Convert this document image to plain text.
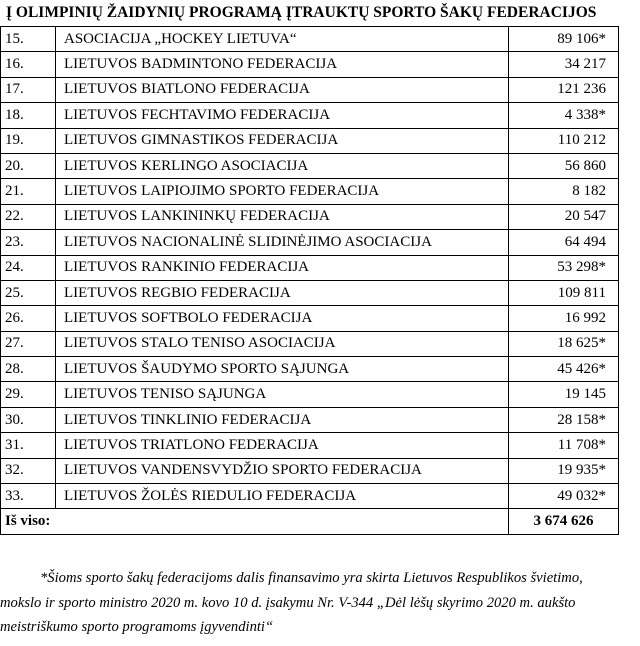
Į OLIMPINIŲ ŽAIDYNIŲ PROGRAMĄ ĮTRAUKTŲ SPORTO ŠAKŲ FEDERACIJOS
15.	ASOCIACIJA „HOCKEY LIETUVA“	89 106*
16.	LIETUVOS BADMINTONO FEDERACIJA	34 217
17.	LIETUVOS BIATLONO FEDERACIJA	121 236
18.	LIETUVOS FECHTAVIMO FEDERACIJA	4 338*
19.	LIETUVOS GIMNASTIKOS FEDERACIJA	110 212
20.	LIETUVOS KERLINGO ASOCIACIJA	56 860
21.	LIETUVOS LAIPIOJIMO SPORTO FEDERACIJA	8 182
22.	LIETUVOS LANKININKŲ FEDERACIJA	20 547
23.	LIETUVOS NACIONALINĖ SLIDINĖJIMO ASOCIACIJA	64 494
24.	LIETUVOS RANKINIO FEDERACIJA	53 298*
25.	LIETUVOS REGBIO FEDERACIJA	109 811
26.	LIETUVOS SOFTBOLO FEDERACIJA	16 992
27.	LIETUVOS STALO TENISO ASOCIACIJA	18 625*
28.	LIETUVOS ŠAUDYMO SPORTO SĄJUNGA	45 426*
29.	LIETUVOS TENISO SĄJUNGA	19 145
30.	LIETUVOS TINKLINIO FEDERACIJA	28 158*
31.	LIETUVOS TRIATLONO FEDERACIJA	11 708*
32.	LIETUVOS VANDENSVYDŽIO SPORTO FEDERACIJA	19 935*
33.	LIETUVOS ŽOLĖS RIEDULIO FEDERACIJA	49 032*
Iš viso:		3 674 626
*Šioms sporto šakų federacijoms dalis finansavimo yra skirta Lietuvos Respublikos švietimo,
mokslo ir sporto ministro 2020 m. kovo 10 d. įsakymu Nr. V-344 „Dėl lėšų skyrimo 2020 m. aukšto
meistriškumo sporto programoms įgyvendinti“
